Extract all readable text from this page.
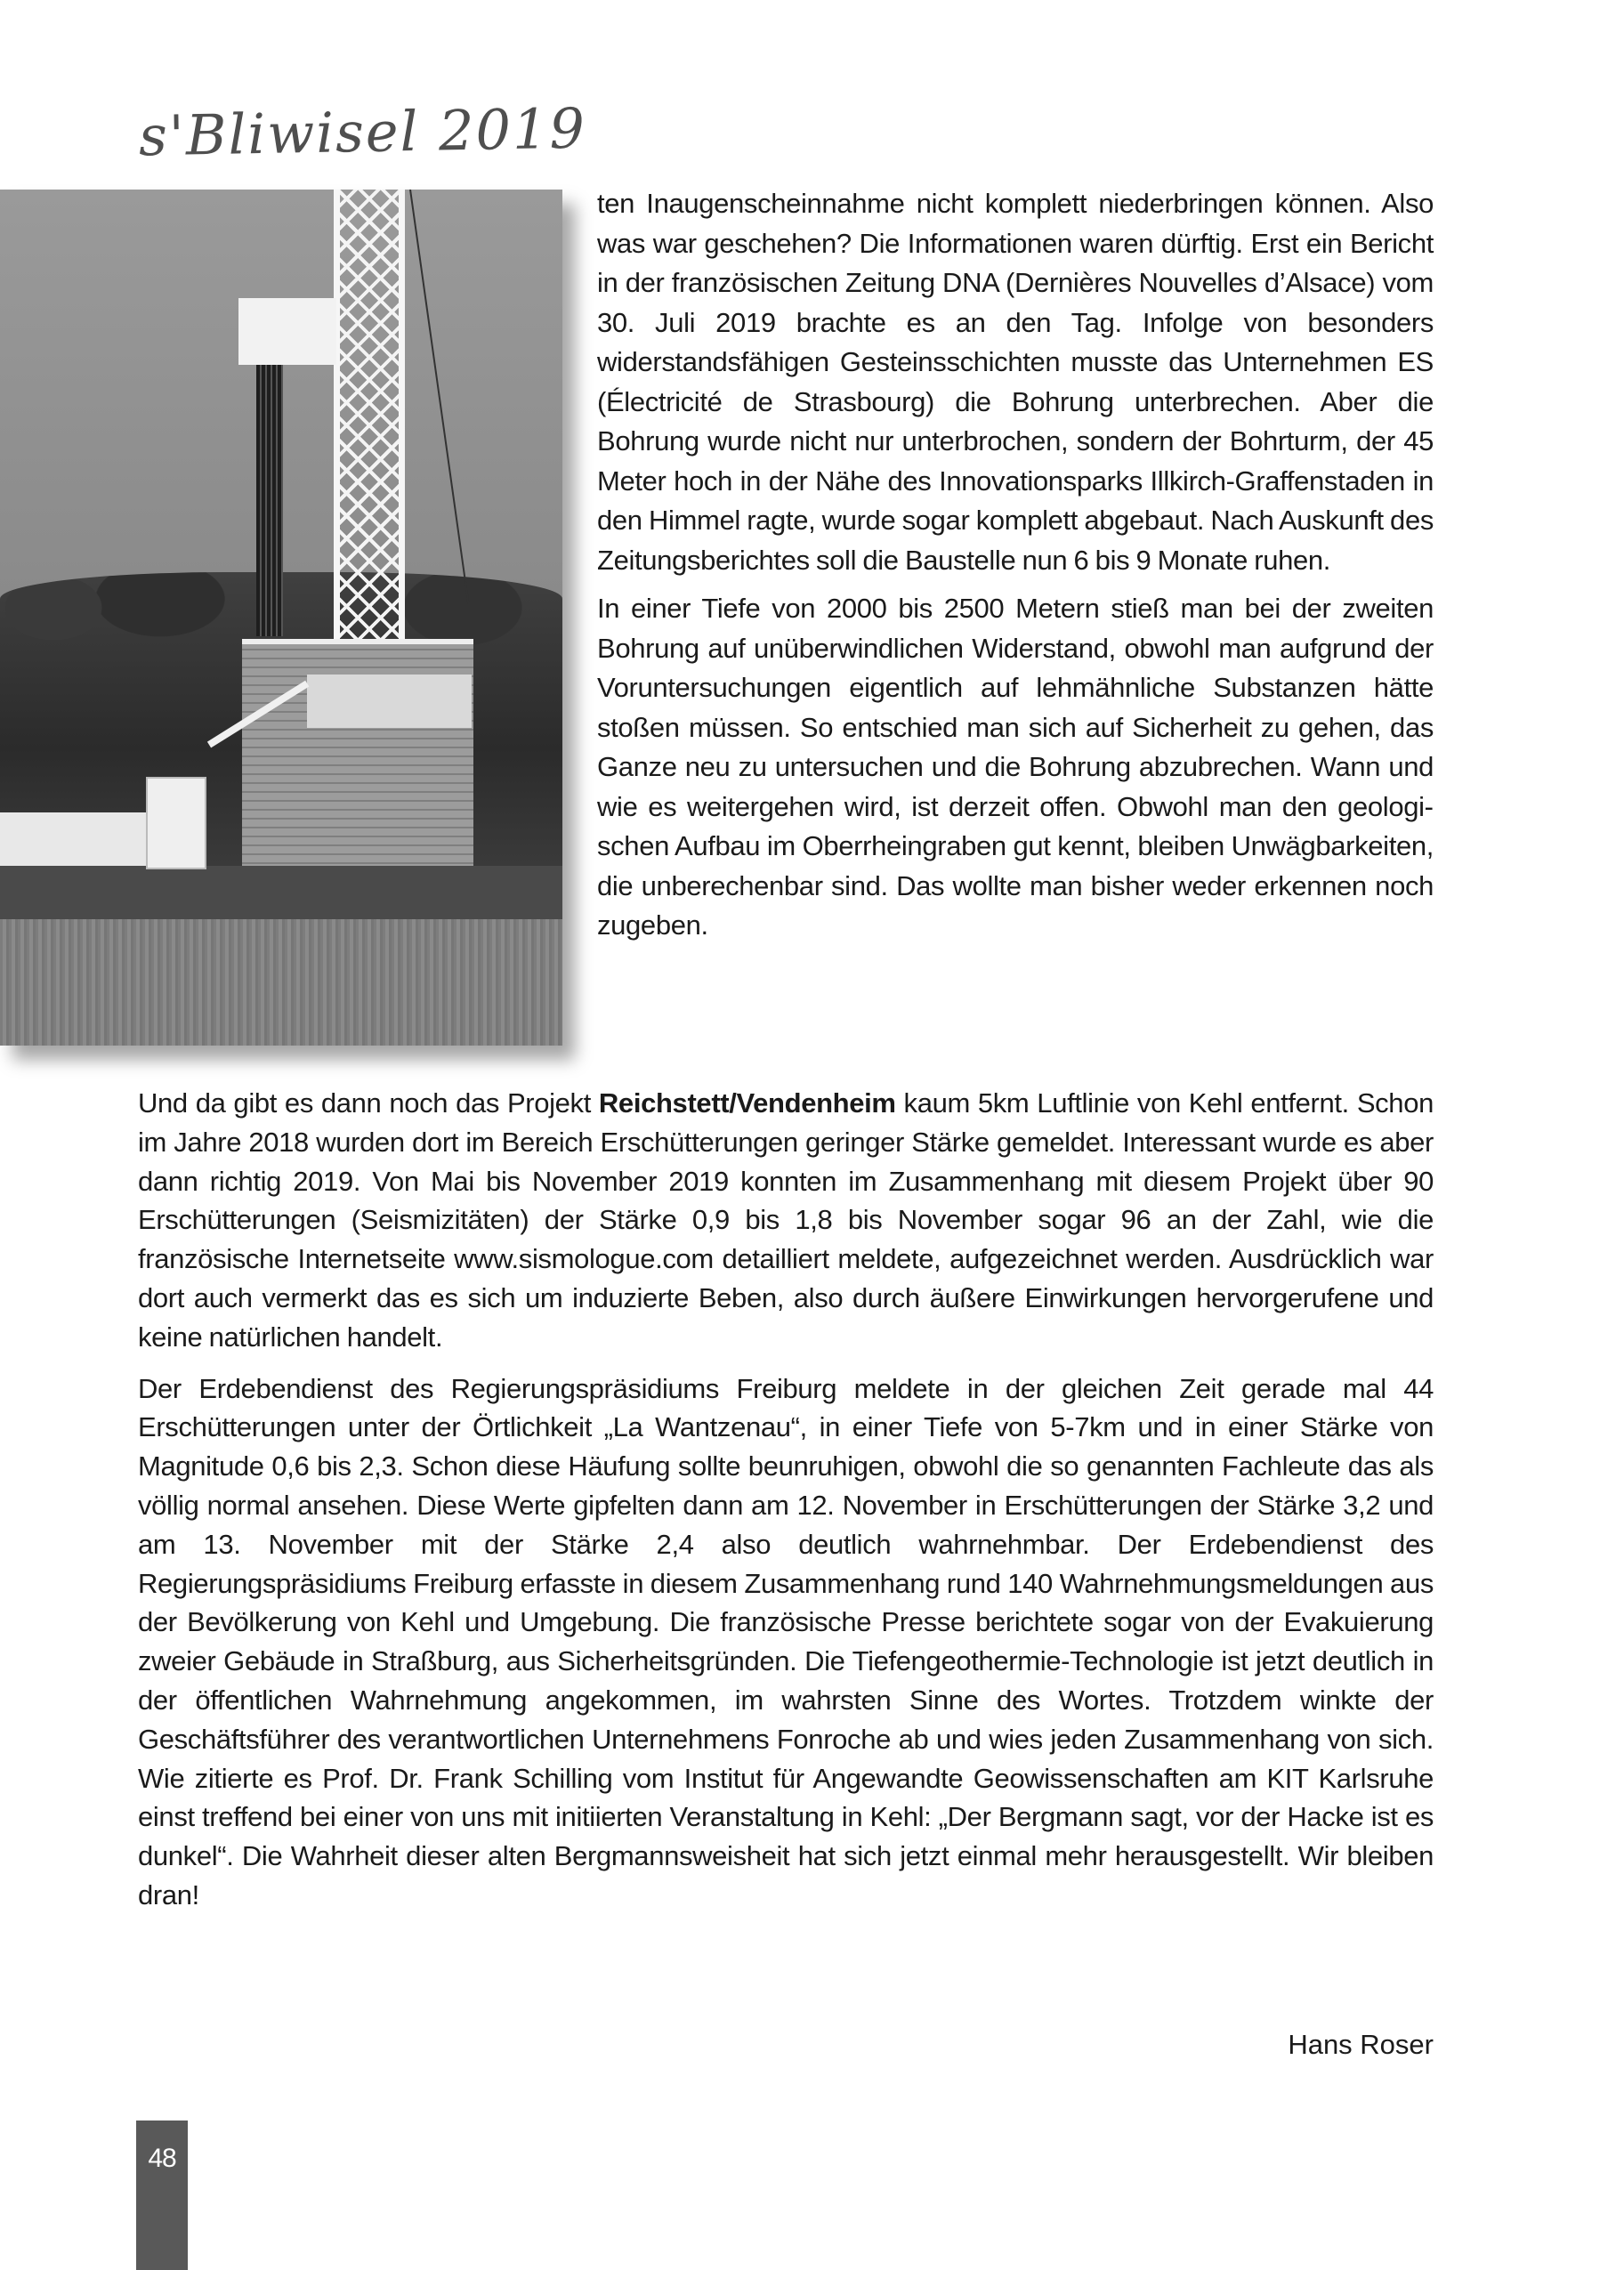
s'Bliwisel 2019

ten Inaugenscheinnahme nicht komplett niederbringen können. Also was war geschehen? Die Informationen waren dürftig. Erst ein Bericht in der französischen Zeitung DNA (Dernières Nouvelles d’Alsace) vom 30. Juli 2019 brachte es an den Tag. Infolge von besonders widerstandsfähigen Gesteinsschichten musste das Unternehmen ES (Électricité de Strasbourg) die Bohrung unterbrechen. Aber die Bohrung wurde nicht nur unterbrochen, sondern der Bohrturm, der 45 Meter hoch in der Nähe des Innovationsparks Illkirch-Graffenstaden in den Himmel ragte, wurde sogar komplett abgebaut. Nach Auskunft des Zeitungsberichtes soll die Baustelle nun 6 bis 9 Monate ruhen.

In einer Tiefe von 2000 bis 2500 Metern stieß man bei der zweiten Bohrung auf unüberwindlichen Widerstand, obwohl man aufgrund der Voruntersuchungen eigentlich auf lehmähnliche Substanzen hätte stoßen müssen. So entschied man sich auf Sicherheit zu gehen, das Ganze neu zu untersuchen und die Bohrung abzubrechen. Wann und wie es weitergehen wird, ist derzeit offen. Obwohl man den geologischen Aufbau im Oberrheingraben gut kennt, bleiben Unwägbarkeiten, die unberechenbar sind. Das wollte man bisher weder erkennen noch zugeben.

Und da gibt es dann noch das Projekt Reichstett/Vendenheim kaum 5km Luftlinie von Kehl entfernt. Schon im Jahre 2018 wurden dort im Bereich Erschütterungen geringer Stärke gemeldet. Interessant wurde es aber dann richtig 2019. Von Mai bis November 2019 konnten im Zusammenhang mit diesem Projekt über 90 Erschütterungen (Seismizitäten) der Stärke 0,9 bis 1,8 bis November sogar 96 an der Zahl, wie die französische Internetseite www.sismologue.com detailliert meldete, aufgezeichnet werden. Ausdrücklich war dort auch vermerkt das es sich um induzierte Beben, also durch äußere Einwirkungen hervorgerufene und keine natürlichen handelt.

Der Erdebendienst des Regierungspräsidiums Freiburg meldete in der gleichen Zeit gerade mal 44 Erschütterungen unter der Örtlichkeit „La Wantzenau“, in einer Tiefe von 5-7km und in einer Stärke von Magnitude 0,6 bis 2,3. Schon diese Häufung sollte beunruhigen, obwohl die so genannten Fachleute das als völlig normal ansehen. Diese Werte gipfelten dann am 12. November in Erschütterungen der Stärke 3,2 und am 13. November mit der Stärke 2,4 also deutlich wahrnehmbar. Der Erdebendienst des Regierungspräsidiums Freiburg erfasste in diesem Zusammenhang rund 140 Wahrnehmungsmeldungen aus der Bevölkerung von Kehl und Umgebung. Die französische Presse berichtete sogar von der Evakuierung zweier Gebäude in Straßburg, aus Sicherheitsgründen. Die Tiefengeothermie-Technologie ist jetzt deutlich in der öffentlichen Wahrnehmung angekommen, im wahrsten Sinne des Wortes. Trotzdem winkte der Geschäftsführer des verantwortlichen Unternehmens Fonroche ab und wies jeden Zusammenhang von sich. Wie zitierte es Prof. Dr. Frank Schilling vom Institut für Angewandte Geowissenschaften am KIT Karlsruhe einst treffend bei einer von uns mit initiierten Veranstaltung in Kehl: „Der Bergmann sagt, vor der Hacke ist es dunkel“. Die Wahrheit dieser alten Bergmannsweisheit hat sich jetzt einmal mehr herausgestellt. Wir bleiben dran!

Hans Roser
48
